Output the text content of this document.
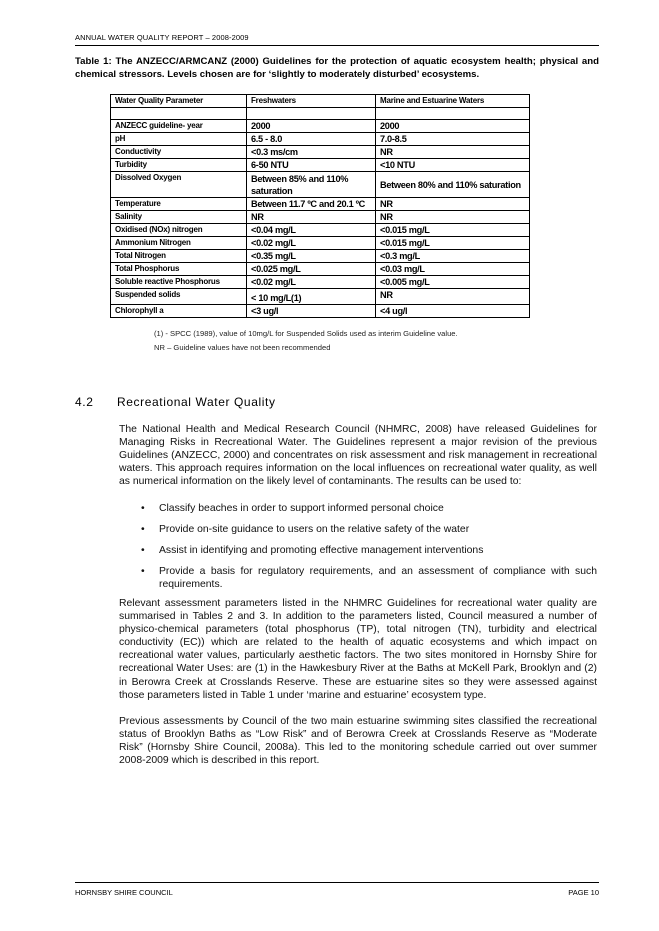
ANNUAL WATER QUALITY REPORT – 2008-2009
Table 1: The ANZECC/ARMCANZ (2000) Guidelines for the protection of aquatic ecosystem health; physical and chemical stressors. Levels chosen are for ‘slightly to moderately disturbed’ ecosystems.
Water Quality Parameter	Freshwaters	Marine and Estuarine Waters

ANZECC guideline- year	2000	2000
pH	6.5 - 8.0	7.0-8.5
Conductivity	<0.3 ms/cm	NR
Turbidity	6-50 NTU	<10 NTU
Dissolved Oxygen	Between 85% and 110% saturation	Between 80% and 110% saturation
Temperature	Between 11.7 ºC and 20.1 ºC	NR
Salinity	NR	NR
Oxidised (NOx) nitrogen	<0.04 mg/L	<0.015 mg/L
Ammonium Nitrogen	<0.02 mg/L	<0.015 mg/L
Total Nitrogen	<0.35 mg/L	<0.3 mg/L
Total Phosphorus	<0.025 mg/L	<0.03 mg/L
Soluble reactive Phosphorus	<0.02 mg/L	<0.005 mg/L
Suspended solids	< 10 mg/L(1)	NR
Chlorophyll a	<3 ug/l	<4 ug/l
(1) - SPCC (1989), value of 10mg/L for Suspended Solids used as interim Guideline value.
NR – Guideline values have not been recommended
4.2 Recreational Water Quality
The National Health and Medical Research Council (NHMRC, 2008) have released Guidelines for Managing Risks in Recreational Water. The Guidelines represent a major revision of the previous Guidelines (ANZECC, 2000) and concentrates on risk assessment and risk management in recreational waters. This approach requires information on the local influences on recreational water quality, as well as numerical information on the likely level of contaminants. The results can be used to:
• Classify beaches in order to support informed personal choice
• Provide on-site guidance to users on the relative safety of the water
• Assist in identifying and promoting effective management interventions
• Provide a basis for regulatory requirements, and an assessment of compliance with such requirements.
Relevant assessment parameters listed in the NHMRC Guidelines for recreational water quality are summarised in Tables 2 and 3. In addition to the parameters listed, Council measured a number of physico-chemical parameters (total phosphorus (TP), total nitrogen (TN), turbidity and electrical conductivity (EC)) which are related to the health of aquatic ecosystems and which impact on recreational water values, particularly aesthetic factors. The two sites monitored in Hornsby Shire for recreational Water Uses: are (1) in the Hawkesbury River at the Baths at McKell Park, Brooklyn and (2) in Berowra Creek at Crosslands Reserve. These are estuarine sites so they were assessed against those parameters listed in Table 1 under ‘marine and estuarine’ ecosystem type.
Previous assessments by Council of the two main estuarine swimming sites classified the recreational status of Brooklyn Baths as “Low Risk” and of Berowra Creek at Crosslands Reserve as “Moderate Risk” (Hornsby Shire Council, 2008a). This led to the monitoring schedule carried out over summer 2008-2009 which is described in this report.
HORNSBY SHIRE COUNCIL	PAGE 10
